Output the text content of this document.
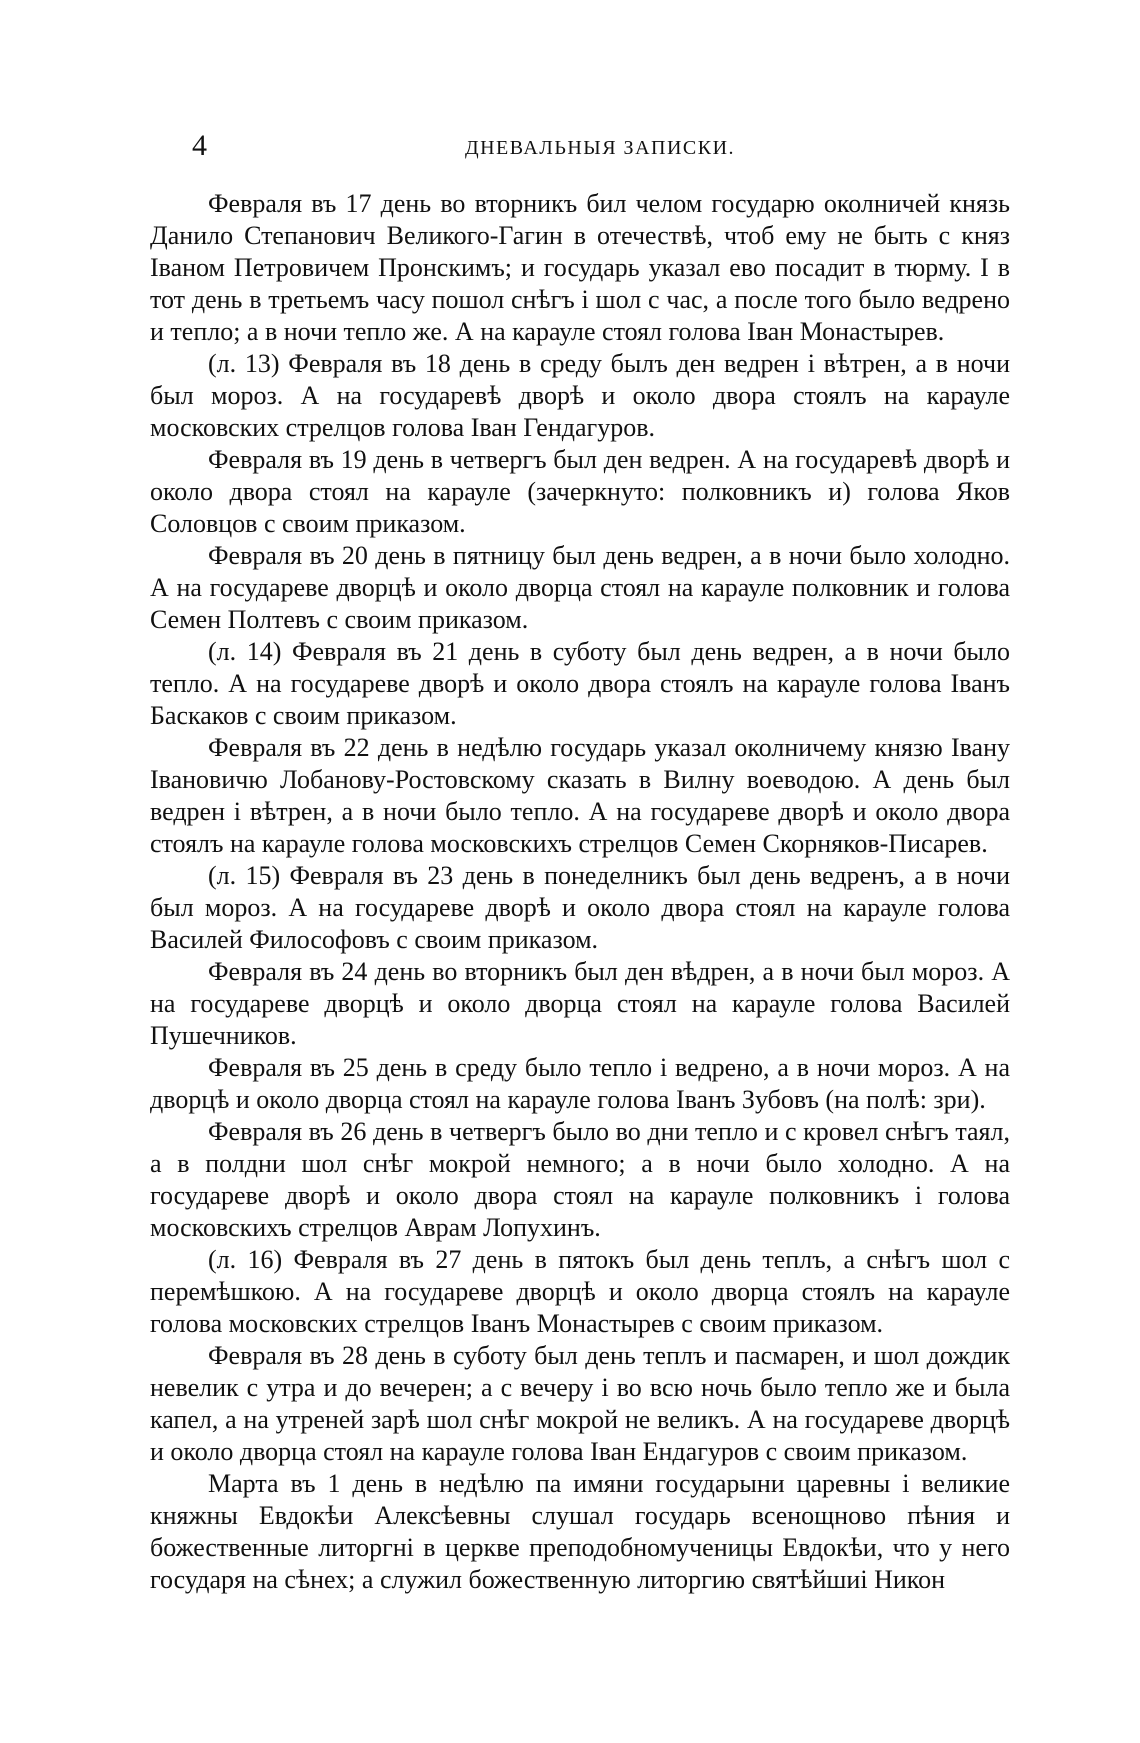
4	ДНЕВАЛЬНЫЯ ЗАПИСКИ.

Февраля въ 17 день во вторникъ бил челом государю околничей князь Данило Степанович Великого-Гагин в отечествѣ, чтоб ему не быть с княз Іваном Петровичем Пронскимъ; и государь указал ево посадит в тюрму. І в тот день в третьемъ часу пошол снѣгъ і шол с час, а после того было ведрено и тепло; а в ночи тепло же. А на карауле стоял голова Іван Монастырев.

(л. 13) Февраля въ 18 день в среду былъ ден ведрен і вѣтрен, а в ночи был мороз. А на государевѣ дворѣ и около двора стоялъ на карауле московских стрелцов голова Іван Гендагуров.

Февраля въ 19 день в четвергъ был ден ведрен. А на государевѣ дворѣ и около двора стоял на карауле (зачеркнуто: полковникъ и) голова Яков Соловцов с своим приказом.

Февраля въ 20 день в пятницу был день ведрен, а в ночи было холодно. А на государеве дворцѣ и около дворца стоял на карауле полковник и голова Семен Полтевъ с своим приказом.

(л. 14) Февраля въ 21 день в суботу был день ведрен, а в ночи было тепло. А на государеве дворѣ и около двора стоялъ на карауле голова Іванъ Баскаков с своим приказом.

Февраля въ 22 день в недѣлю государь указал околничему князю Івану Івановичю Лобанову-Ростовскому сказать в Вилну воеводою. А день был ведрен і вѣтрен, а в ночи было тепло. А на государеве дворѣ и около двора стоялъ на карауле голова московскихъ стрелцов Семен Скорняков-Писарев.

(л. 15) Февраля въ 23 день в понеделникъ был день ведренъ, а в ночи был мороз. А на государеве дворѣ и около двора стоял на карауле голова Василей Философовъ с своим приказом.

Февраля въ 24 день во вторникъ был ден вѣдрен, а в ночи был мороз. А на государеве дворцѣ и около дворца стоял на карауле голова Василей Пушечников.

Февраля въ 25 день в среду было тепло і ведрено, а в ночи мороз. А на дворцѣ и около дворца стоял на карауле голова Іванъ Зубовъ (на полѣ: зри).

Февраля въ 26 день в четвергъ было во дни тепло и с кровел снѣгъ таял, а в полдни шол снѣг мокрой немного; а в ночи было холодно. А на государеве дворѣ и около двора стоял на карауле полковникъ і голова московскихъ стрелцов Аврам Лопухинъ.

(л. 16) Февраля въ 27 день в пятокъ был день теплъ, а снѣгъ шол с перемѣшкою. А на государеве дворцѣ и около дворца стоялъ на карауле голова московских стрелцов Іванъ Монастырев с своим приказом.

Февраля въ 28 день в суботу был день теплъ и пасмарен, и шол дождик невелик с утра и до вечерен; а с вечеру і во всю ночь было тепло же и была капел, а на утреней зарѣ шол снѣг мокрой не великъ. А на государеве дворцѣ и около дворца стоял на карауле голова Іван Ендагуров с своим приказом.

Марта въ 1 день в недѣлю па имяни государыни царевны і великие княжны Евдокѣи Алексѣевны слушал государь всенощново пѣния и божественные литоргні в церкве преподобномученицы Евдокѣи, что у него государя на сѣнех; а служил божественную литоргию святѣйшиі Никон
